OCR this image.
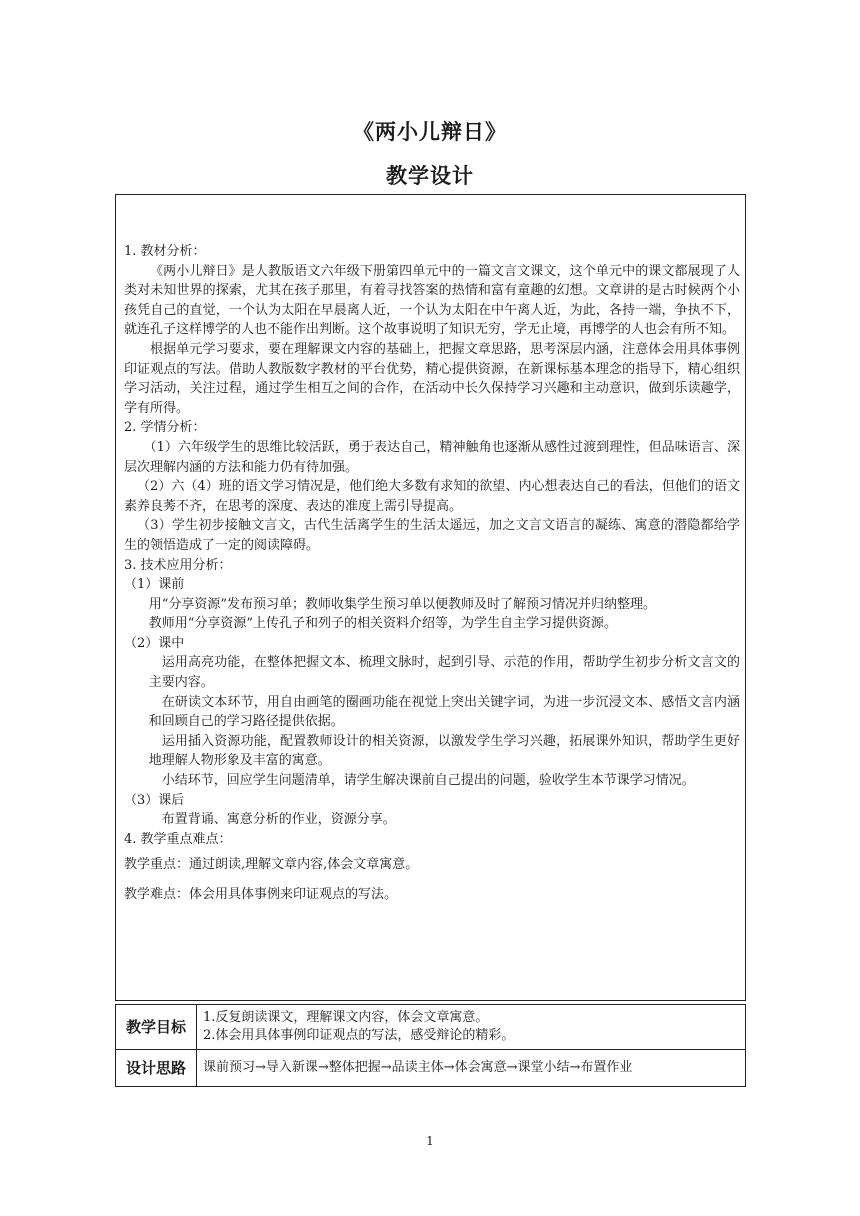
《两小儿辩日》
教学设计

1. 教材分析：

《两小儿辩日》是人教版语文六年级下册第四单元中的一篇文言文课文，这个单元中的课文都展现了人类对未知世界的探索，尤其在孩子那里，有着寻找答案的热情和富有童趣的幻想。文章讲的是古时候两个小孩凭自己的直觉，一个认为太阳在早晨离人近，一个认为太阳在中午离人近，为此，各持一端，争执不下，就连孔子这样博学的人也不能作出判断。这个故事说明了知识无穷，学无止境，再博学的人也会有所不知。

根据单元学习要求，要在理解课文内容的基础上，把握文章思路，思考深层内涵，注意体会用具体事例印证观点的写法。借助人教版数字教材的平台优势，精心提供资源，在新课标基本理念的指导下，精心组织学习活动，关注过程，通过学生相互之间的合作，在活动中长久保持学习兴趣和主动意识，做到乐读趣学，学有所得。

2. 学情分析：

（1）六年级学生的思维比较活跃，勇于表达自己，精神触角也逐渐从感性过渡到理性，但品味语言、深层次理解内涵的方法和能力仍有待加强。

（2）六（4）班的语文学习情况是，他们绝大多数有求知的欲望、内心想表达自己的看法，但他们的语文素养良莠不齐，在思考的深度、表达的准度上需引导提高。

（3）学生初步接触文言文，古代生活离学生的生活太遥远，加之文言文语言的凝练、寓意的潜隐都给学生的领悟造成了一定的阅读障碍。

3. 技术应用分析：

（1）课前

用“分享资源”发布预习单；教师收集学生预习单以便教师及时了解预习情况并归纳整理。

教师用“分享资源”上传孔子和列子的相关资料介绍等，为学生自主学习提供资源。

（2）课中

运用高亮功能，在整体把握文本、梳理文脉时，起到引导、示范的作用，帮助学生初步分析文言文的主要内容。

在研读文本环节，用自由画笔的圈画功能在视觉上突出关键字词，为进一步沉浸文本、感悟文言内涵和回顾自己的学习路径提供依据。

运用插入资源功能，配置教师设计的相关资源，以激发学生学习兴趣，拓展课外知识，帮助学生更好地理解人物形象及丰富的寓意。

小结环节，回应学生问题清单，请学生解决课前自己提出的问题，验收学生本节课学习情况。

（3）课后

布置背诵、寓意分析的作业，资源分享。

4. 教学重点难点：

教学重点：通过朗读,理解文章内容,体会文章寓意。

教学难点：体会用具体事例来印证观点的写法。

教学目标	1.反复朗读课文，理解课文内容，体会文章寓意。
2.体会用具体事例印证观点的写法，感受辩论的精彩。

设计思路	课前预习→导入新课→整体把握→品读主体→体会寓意→课堂小结→布置作业
1
